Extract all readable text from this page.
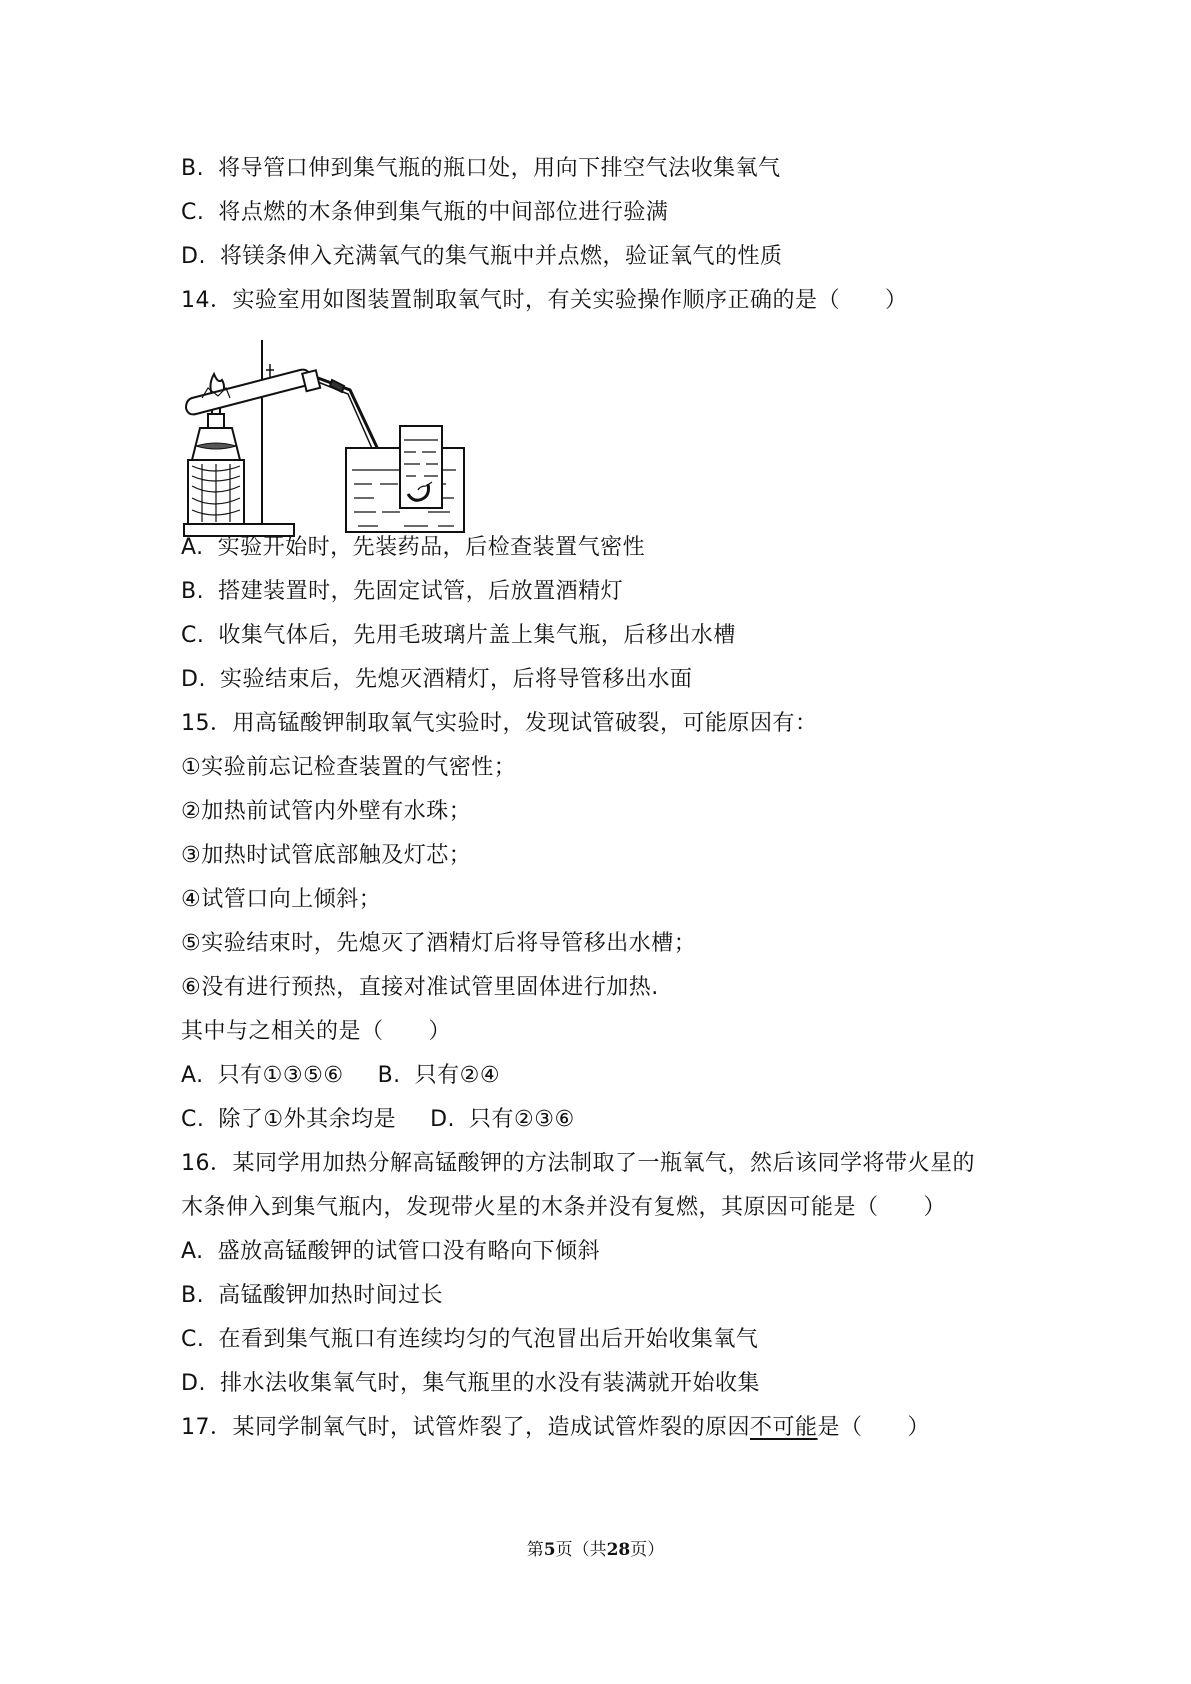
B. 将导管口伸到集气瓶的瓶口处，用向下排空气法收集氧气
C. 将点燃的木条伸到集气瓶的中间部位进行验满
D. 将镁条伸入充满氧气的集气瓶中并点燃，验证氧气的性质
14．实验室用如图装置制取氧气时，有关实验操作顺序正确的是（　　）
A. 实验开始时，先装药品，后检查装置气密性
B. 搭建装置时，先固定试管，后放置酒精灯
C. 收集气体后，先用毛玻璃片盖上集气瓶，后移出水槽
D. 实验结束后，先熄灭酒精灯，后将导管移出水面
15．用高锰酸钾制取氧气实验时，发现试管破裂，可能原因有：
①实验前忘记检查装置的气密性；
②加热前试管内外壁有水珠；
③加热时试管底部触及灯芯；
④试管口向上倾斜；
⑤实验结束时，先熄灭了酒精灯后将导管移出水槽；
⑥没有进行预热，直接对准试管里固体进行加热.
其中与之相关的是（　　）
A. 只有①③⑤⑥ B. 只有②④
C. 除了①外其余均是 D. 只有②③⑥
16．某同学用加热分解高锰酸钾的方法制取了一瓶氧气，然后该同学将带火星的
木条伸入到集气瓶内，发现带火星的木条并没有复燃，其原因可能是（　　）
A. 盛放高锰酸钾的试管口没有略向下倾斜
B. 高锰酸钾加热时间过长
C. 在看到集气瓶口有连续均匀的气泡冒出后开始收集氧气
D. 排水法收集氧气时，集气瓶里的水没有装满就开始收集
17．某同学制氧气时，试管炸裂了，造成试管炸裂的原因不可能是（　　）
第5页（共28页）
